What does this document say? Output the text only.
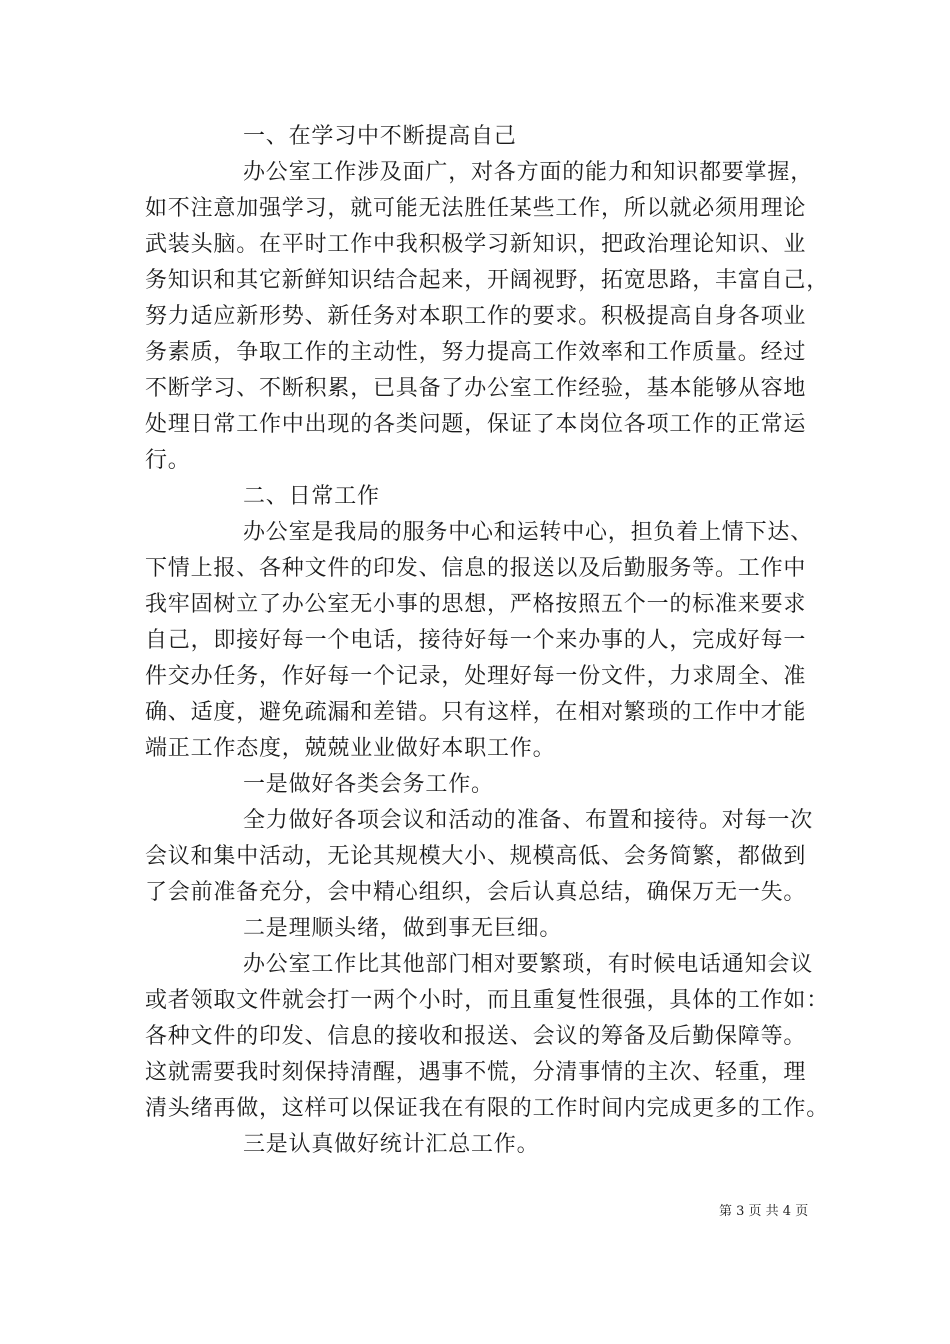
一、在学习中不断提高自己
办公室工作涉及面广，对各方面的能力和知识都要掌握，
如不注意加强学习，就可能无法胜任某些工作，所以就必须用理论
武装头脑。在平时工作中我积极学习新知识，把政治理论知识、业
务知识和其它新鲜知识结合起来，开阔视野，拓宽思路，丰富自己，
努力适应新形势、新任务对本职工作的要求。积极提高自身各项业
务素质，争取工作的主动性，努力提高工作效率和工作质量。经过
不断学习、不断积累，已具备了办公室工作经验，基本能够从容地
处理日常工作中出现的各类问题，保证了本岗位各项工作的正常运
行。
二、日常工作
办公室是我局的服务中心和运转中心，担负着上情下达、
下情上报、各种文件的印发、信息的报送以及后勤服务等。工作中
我牢固树立了办公室无小事的思想，严格按照五个一的标准来要求
自己，即接好每一个电话，接待好每一个来办事的人，完成好每一
件交办任务，作好每一个记录，处理好每一份文件，力求周全、准
确、适度，避免疏漏和差错。只有这样，在相对繁琐的工作中才能
端正工作态度，兢兢业业做好本职工作。
一是做好各类会务工作。
全力做好各项会议和活动的准备、布置和接待。对每一次
会议和集中活动，无论其规模大小、规模高低、会务简繁，都做到
了会前准备充分，会中精心组织，会后认真总结，确保万无一失。
二是理顺头绪，做到事无巨细。
办公室工作比其他部门相对要繁琐，有时候电话通知会议
或者领取文件就会打一两个小时，而且重复性很强，具体的工作如：
各种文件的印发、信息的接收和报送、会议的筹备及后勤保障等。
这就需要我时刻保持清醒，遇事不慌，分清事情的主次、轻重，理
清头绪再做，这样可以保证我在有限的工作时间内完成更多的工作。
三是认真做好统计汇总工作。
第 3 页 共 4 页
